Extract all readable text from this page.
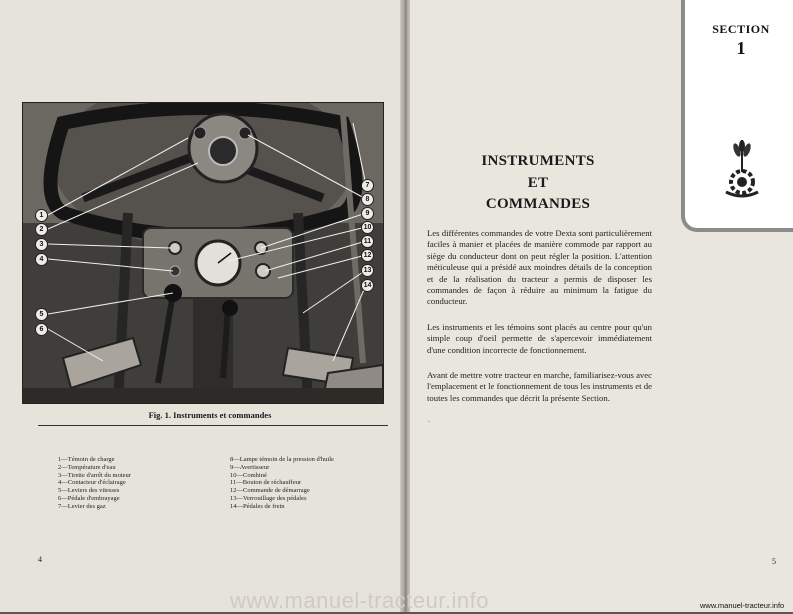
1
2
3
4
5
6
7
8
9
10
11
12
13
14
Fig. 1. Instruments et commandes
1—Témoin de charge
2—Température d'eau
3—Tirette d'arrêt du moteur
4—Contacteur d'éclairage
5—Leviers des vitesses
6—Pédale d'embrayage
7—Levier des gaz
8—Lampe témoin de la pression d'huile
9—Avertisseur
10—Combiné
11—Bouton de réchauffeur
12—Commande de démarrage
13—Verrouillage des pédales
14—Pédales de frein
4
SECTION
1
INSTRUMENTS
ET
COMMANDES
Les différentes commandes de votre Dexta sont particulièrement faciles à manier et placées de manière commode par rapport au siège du conducteur dont on peut régler la position. L'attention méticuleuse qui a présidé aux moindres détails de la conception et de la réalisation du tracteur a permis de disposer les commandes de façon à réduire au minimum la fatigue du conducteur.
Les instruments et les témoins sont placés au centre pour qu'un simple coup d'oeil permette de s'apercevoir immédiatement d'une condition incorrecte de fonctionnement.
Avant de mettre votre tracteur en marche, familiarisez-vous avec l'emplacement et le fonctionnement de tous les instruments et de toutes les commandes que décrit la présente Section.
.
5
www.manuel-tracteur.info	www.manuel-tracteur.info
